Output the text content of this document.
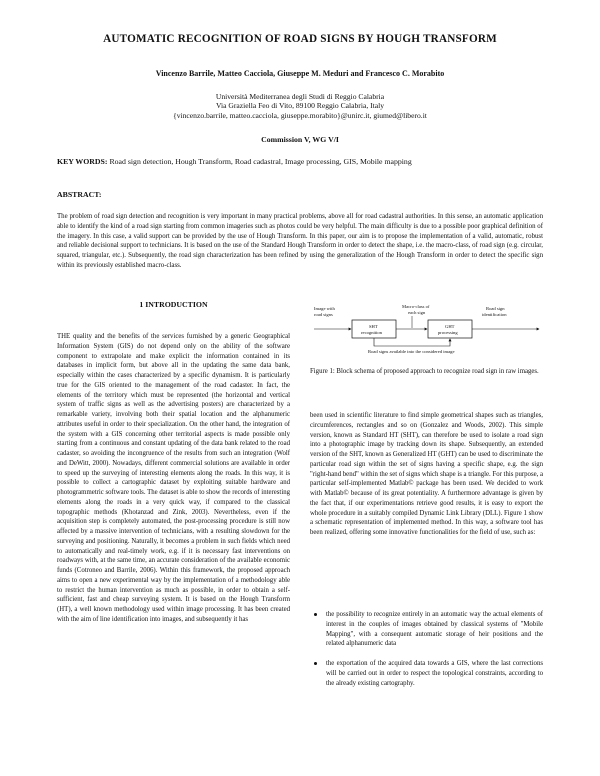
AUTOMATIC RECOGNITION OF ROAD SIGNS BY HOUGH TRANSFORM
Vincenzo Barrile, Matteo Cacciola, Giuseppe M. Meduri and Francesco C. Morabito
Università Mediterranea degli Studi di Reggio Calabria
Via Graziella Feo di Vito, 89100 Reggio Calabria, Italy
{vincenzo.barrile, matteo.cacciola, giuseppe.morabito}@unirc.it, giumed@libero.it
Commission V, WG V/I
KEY WORDS: Road sign detection, Hough Transform, Road cadastral, Image processing, GIS, Mobile mapping
ABSTRACT:
The problem of road sign detection and recognition is very important in many practical problems, above all for road cadastral authorities. In this sense, an automatic application able to identify the kind of a road sign starting from common imageries such as photos could be very helpful. The main difficulty is due to a possible poor graphical definition of the imagery. In this case, a valid support can be provided by the use of Hough Transform. In this paper, our aim is to propose the implementation of a valid, automatic, robust and reliable decisional support to technicians. It is based on the use of the Standard Hough Transform in order to detect the shape, i.e. the macro-class, of road sign (e.g. circular, squared, triangular, etc.). Subsequently, the road sign characterization has been refined by using the generalization of the Hough Transform in order to detect the specific sign within its previously established macro-class.
1 INTRODUCTION
THE quality and the benefits of the services furnished by a generic Geographical Information System (GIS) do not depend only on the ability of the software component to extrapolate and make explicit the information contained in its databases in implicit form, but above all in the updating the same data bank, especially within the cases characterized by a specific dynamism. It is particularly true for the GIS oriented to the management of the road cadaster. In fact, the elements of the territory which must be represented (the horizontal and vertical system of traffic signs as well as the advertising posters) are characterized by a remarkable variety, involving both their spatial location and the alphanumeric attributes useful in order to their specialization. On the other hand, the integration of the system with a GIS concerning other territorial aspects is made possible only starting from a continuous and constant updating of the data bank related to the road cadaster, so avoiding the incongruence of the results from such an integration (Wolf and DeWitt, 2000). Nowadays, different commercial solutions are available in order to speed up the surveying of interesting elements along the roads. In this way, it is possible to collect a cartographic dataset by exploiting suitable hardware and photogrammetric software tools. The dataset is able to show the records of interesting elements along the roads in a very quick way, if compared to the classical topographic methods (Khotanzad and Zink, 2003). Nevertheless, even if the acquisition step is completely automated, the post-processing procedure is still now affected by a massive intervention of technicians, with a resulting slowdown for the surveying and positioning. Naturally, it becomes a problem in such fields which need to automatically and real-timely work, e.g. if it is necessary fast interventions on roadways with, at the same time, an accurate consideration of the available economic funds (Cotroneo and Barrile, 2006). Within this framework, the proposed approach aims to open a new experimental way by the implementation of a methodology able to restrict the human intervention as much as possible, in order to obtain a self-sufficient, fast and cheap surveying system. It is based on the Hough Transform (HT), a well known methodology used within image processing. It has been created with the aim of line identification into images, and subsequently it has
Image with
road signs
Macro-class of
each sign
Road sign
identification
SHT
recognition
GHT
processing
Road signs available into the considered image
Figure 1: Block schema of proposed approach to recognize road sign in raw images.
been used in scientific literature to find simple geometrical shapes such as triangles, circumferences, rectangles and so on (Gonzalez and Woods, 2002). This simple version, known as Standard HT (SHT), can therefore be used to isolate a road sign into a photographic image by tracking down its shape. Subsequently, an extended version of the SHT, known as Generalized HT (GHT) can be used to discriminate the particular road sign within the set of signs having a specific shape, e.g. the sign "right-hand bend" within the set of signs which shape is a triangle. For this purpose, a particular self-implemented Matlab© package has been used. We decided to work with Matlab© because of its great potentiality. A furthermore advantage is given by the fact that, if our experimentations retrieve good results, it is easy to export the whole procedure in a suitably compiled Dynamic Link Library (DLL). Figure 1 show a schematic representation of implemented method. In this way, a software tool has been realized, offering some innovative functionalities for the field of use, such as:
the possibility to recognize entirely in an automatic way the actual elements of interest in the couples of images obtained by classical systems of "Mobile Mapping", with a consequent automatic storage of heir positions and the related alphanumeric data
the exportation of the acquired data towards a GIS, where the last corrections will be carried out in order to respect the topological constraints, according to the already existing cartography.
